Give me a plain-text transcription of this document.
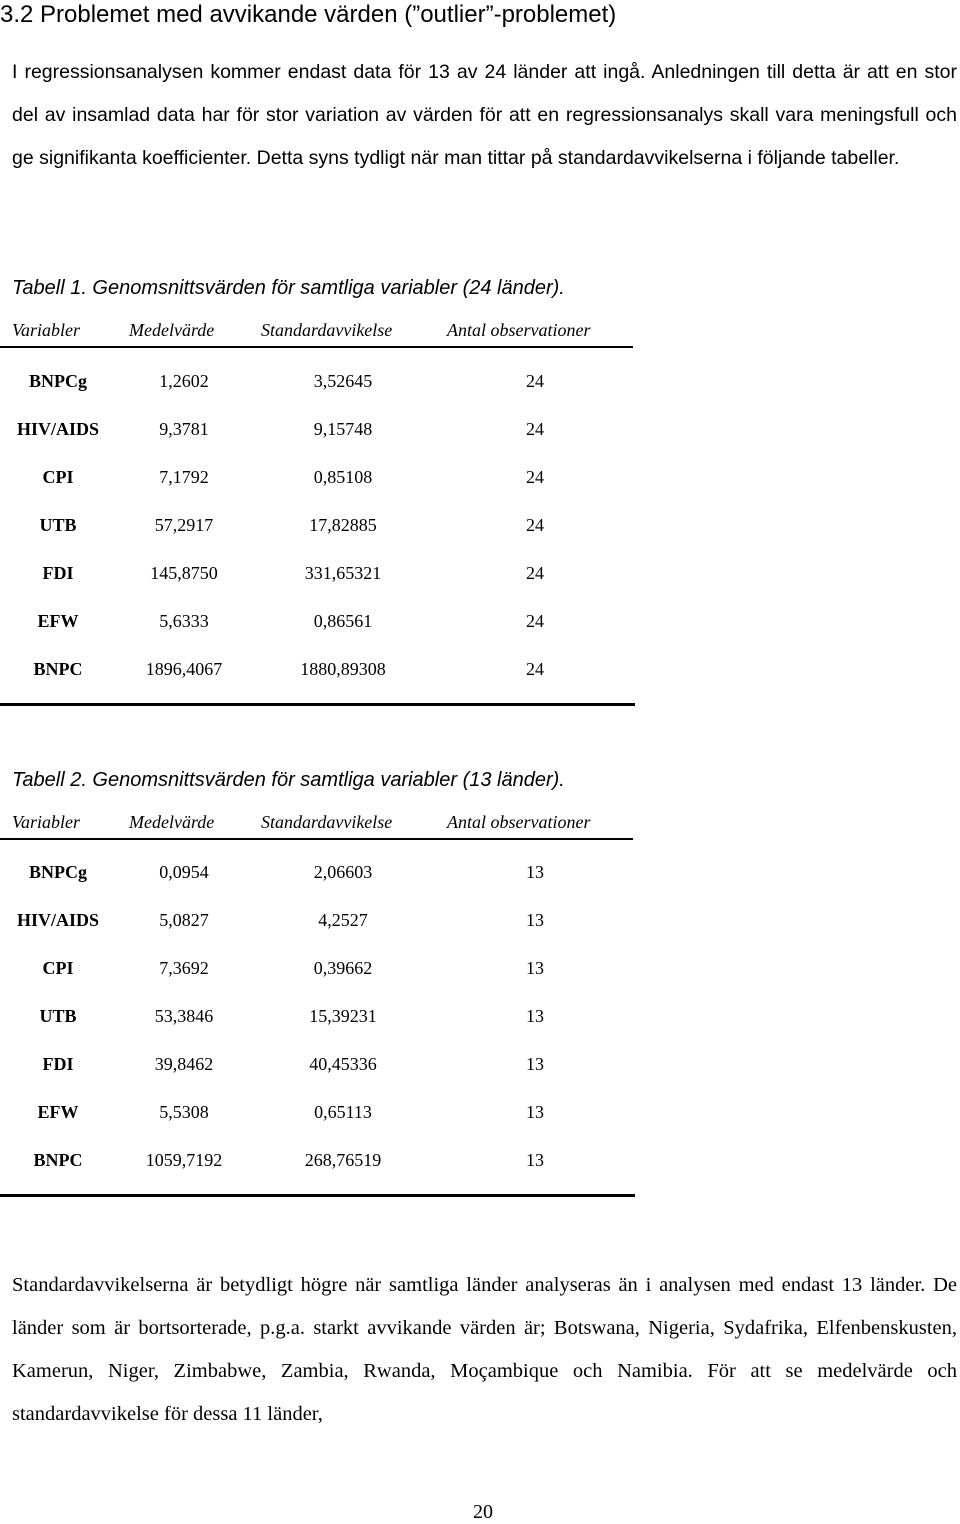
3.2 Problemet med avvikande värden (”outlier”-problemet)
I regressionsanalysen kommer endast data för 13 av 24 länder att ingå. Anledningen till detta är att en stor del av insamlad data har för stor variation av värden för att en regressionsanalys skall vara meningsfull och ge signifikanta koefficienter. Detta syns tydligt när man tittar på standardavvikelserna i följande tabeller.
Tabell 1. Genomsnittsvärden för samtliga variabler (24 länder).
Variabler	Medelvärde	Standardavvikelse	Antal observationer
BNPCg	1,2602	3,52645	24
HIV/AIDS	9,3781	9,15748	24
CPI	7,1792	0,85108	24
UTB	57,2917	17,82885	24
FDI	145,8750	331,65321	24
EFW	5,6333	0,86561	24
BNPC	1896,4067	1880,89308	24
Tabell 2. Genomsnittsvärden för samtliga variabler (13 länder).
Variabler	Medelvärde	Standardavvikelse	Antal observationer
BNPCg	0,0954	2,06603	13
HIV/AIDS	5,0827	4,2527	13
CPI	7,3692	0,39662	13
UTB	53,3846	15,39231	13
FDI	39,8462	40,45336	13
EFW	5,5308	0,65113	13
BNPC	1059,7192	268,76519	13
Standardavvikelserna är betydligt högre när samtliga länder analyseras än i analysen med endast 13 länder. De länder som är bortsorterade, p.g.a. starkt avvikande värden är; Botswana, Nigeria, Sydafrika, Elfenbenskusten, Kamerun, Niger, Zimbabwe, Zambia, Rwanda, Moçambique och Namibia. För att se medelvärde och standardavvikelse för dessa 11 länder,
20
